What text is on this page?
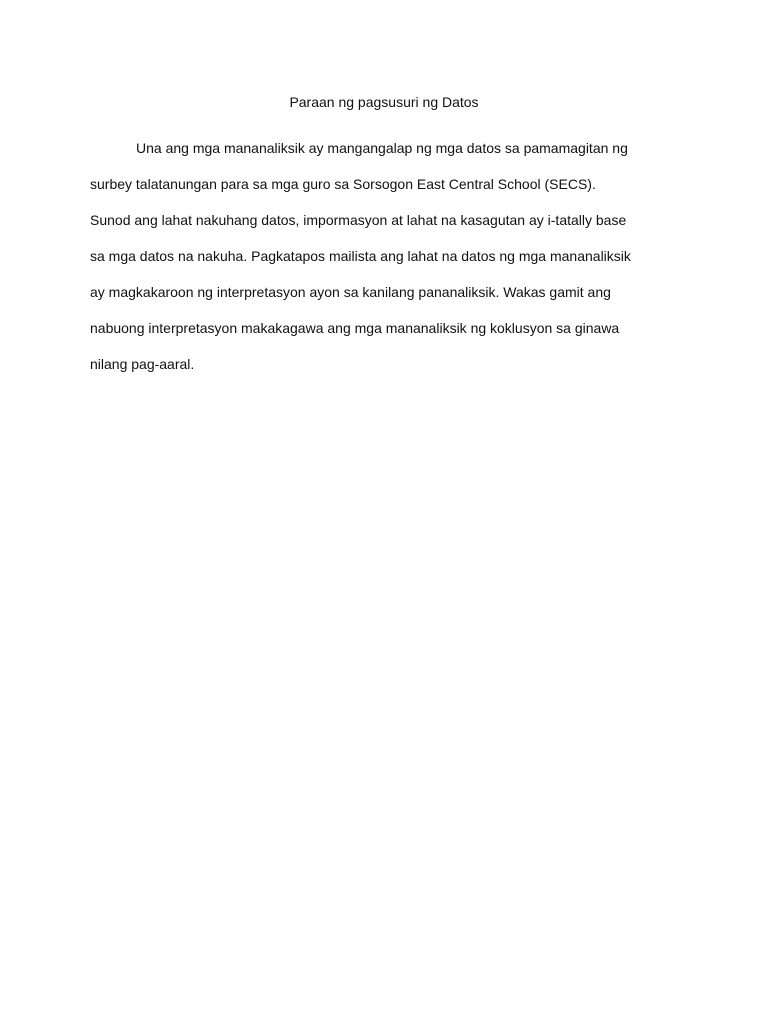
Paraan ng pagsusuri ng Datos
Una ang mga mananaliksik ay mangangalap ng mga datos sa pamamagitan ng
surbey talatanungan para sa mga guro sa Sorsogon East Central School (SECS).
Sunod ang lahat nakuhang datos, impormasyon at lahat na kasagutan ay i-tatally base
sa mga datos na nakuha. Pagkatapos mailista ang lahat na datos ng mga mananaliksik
ay magkakaroon ng interpretasyon ayon sa kanilang pananaliksik. Wakas gamit ang
nabuong interpretasyon makakagawa ang mga mananaliksik ng koklusyon sa ginawa
nilang pag-aaral.
